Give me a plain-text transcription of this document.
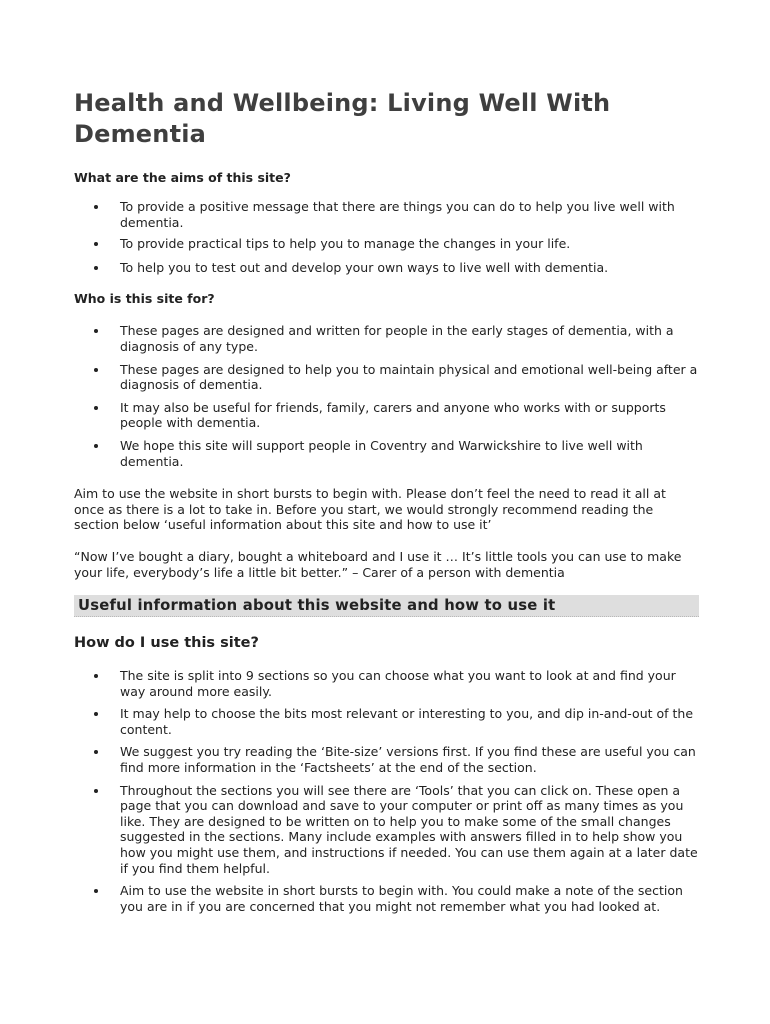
Health and Wellbeing: Living Well With Dementia
What are the aims of this site?
To provide a positive message that there are things you can do to help you live well with dementia.
To provide practical tips to help you to manage the changes in your life.
To help you to test out and develop your own ways to live well with dementia.
Who is this site for?
These pages are designed and written for people in the early stages of dementia, with a diagnosis of any type.
These pages are designed to help you to maintain physical and emotional well-being after a diagnosis of dementia.
It may also be useful for friends, family, carers and anyone who works with or supports people with dementia.
We hope this site will support people in Coventry and Warwickshire to live well with dementia.

Aim to use the website in short bursts to begin with. Please don’t feel the need to read it all at once as there is a lot to take in. Before you start, we would strongly recommend reading the section below ‘useful information about this site and how to use it’

“Now I’ve bought a diary, bought a whiteboard and I use it … It’s little tools you can use to make your life, everybody’s life a little bit better.” – Carer of a person with dementia

Useful information about this website and how to use it
How do I use this site?
The site is split into 9 sections so you can choose what you want to look at and find your way around more easily.
It may help to choose the bits most relevant or interesting to you, and dip in-and-out of the content.
We suggest you try reading the ‘Bite-size’ versions first. If you find these are useful you can find more information in the ‘Factsheets’ at the end of the section.
Throughout the sections you will see there are ‘Tools’ that you can click on. These open a page that you can download and save to your computer or print off as many times as you like. They are designed to be written on to help you to make some of the small changes suggested in the sections. Many include examples with answers filled in to help show you how you might use them, and instructions if needed. You can use them again at a later date if you find them helpful.
Aim to use the website in short bursts to begin with. You could make a note of the section you are in if you are concerned that you might not remember what you had looked at.
